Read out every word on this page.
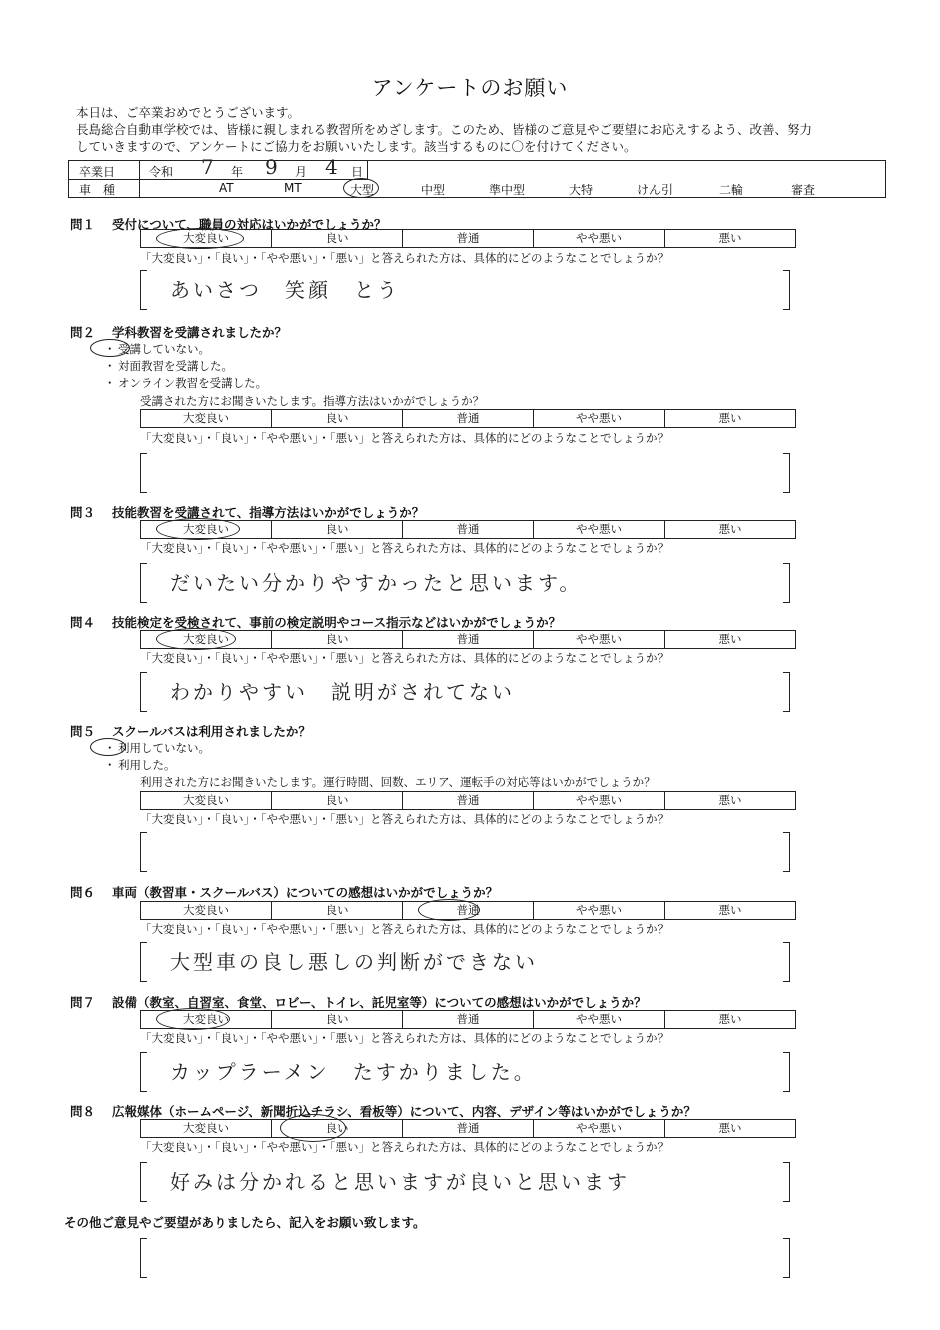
アンケートのお願い
本日は、ご卒業おめでとうございます。
長島総合自動車学校では、皆様に親しまれる教習所をめざします。このため、皆様のご意見やご要望にお応えするよう、改善、努力
していきますので、アンケートにご協力をお願いいたします。該当するものに〇を付けてください。
卒業日	令和 7 年 9 月 4 日
車　種	AT	MT	大型	中型	準中型	大特	けん引	二輪	審査
問１ 受付について、職員の対応はいかがでしょうか？
大変良い	良い	普通	やや悪い	悪い
「大変良い」・「良い」・「やや悪い」・「悪い」と答えられた方は、具体的にどのようなことでしょうか？
あいさつ　笑顔　とう
問２ 学科教習を受講されましたか？
・ 受講していない。
・ 対面教習を受講した。
・ オンライン教習を受講した。
受講された方にお聞きいたします。指導方法はいかがでしょうか？
大変良い	良い	普通	やや悪い	悪い
「大変良い」・「良い」・「やや悪い」・「悪い」と答えられた方は、具体的にどのようなことでしょうか？
問３ 技能教習を受講されて、指導方法はいかがでしょうか？
大変良い	良い	普通	やや悪い	悪い
「大変良い」・「良い」・「やや悪い」・「悪い」と答えられた方は、具体的にどのようなことでしょうか？
だいたい分かりやすかったと思います。
問４ 技能検定を受検されて、事前の検定説明やコース指示などはいかがでしょうか？
大変良い	良い	普通	やや悪い	悪い
「大変良い」・「良い」・「やや悪い」・「悪い」と答えられた方は、具体的にどのようなことでしょうか？
わかりやすい　説明がされてない
問５ スクールバスは利用されましたか？
・ 利用していない。
・ 利用した。
利用された方にお聞きいたします。運行時間、回数、エリア、運転手の対応等はいかがでしょうか？
大変良い	良い	普通	やや悪い	悪い
「大変良い」・「良い」・「やや悪い」・「悪い」と答えられた方は、具体的にどのようなことでしょうか？
問６ 車両（教習車・スクールバス）についての感想はいかがでしょうか？
大変良い	良い	普通	やや悪い	悪い
「大変良い」・「良い」・「やや悪い」・「悪い」と答えられた方は、具体的にどのようなことでしょうか？
大型車の良し悪しの判断ができない
問７ 設備（教室、自習室、食堂、ロビー、トイレ、託児室等）についての感想はいかがでしょうか？
大変良い	良い	普通	やや悪い	悪い
「大変良い」・「良い」・「やや悪い」・「悪い」と答えられた方は、具体的にどのようなことでしょうか？
カップラーメン　たすかりました。
問８ 広報媒体（ホームページ、新聞折込チラシ、看板等）について、内容、デザイン等はいかがでしょうか？
大変良い	良い	普通	やや悪い	悪い
「大変良い」・「良い」・「やや悪い」・「悪い」と答えられた方は、具体的にどのようなことでしょうか？
好みは分かれると思いますが良いと思います
その他ご意見やご要望がありましたら、記入をお願い致します。
